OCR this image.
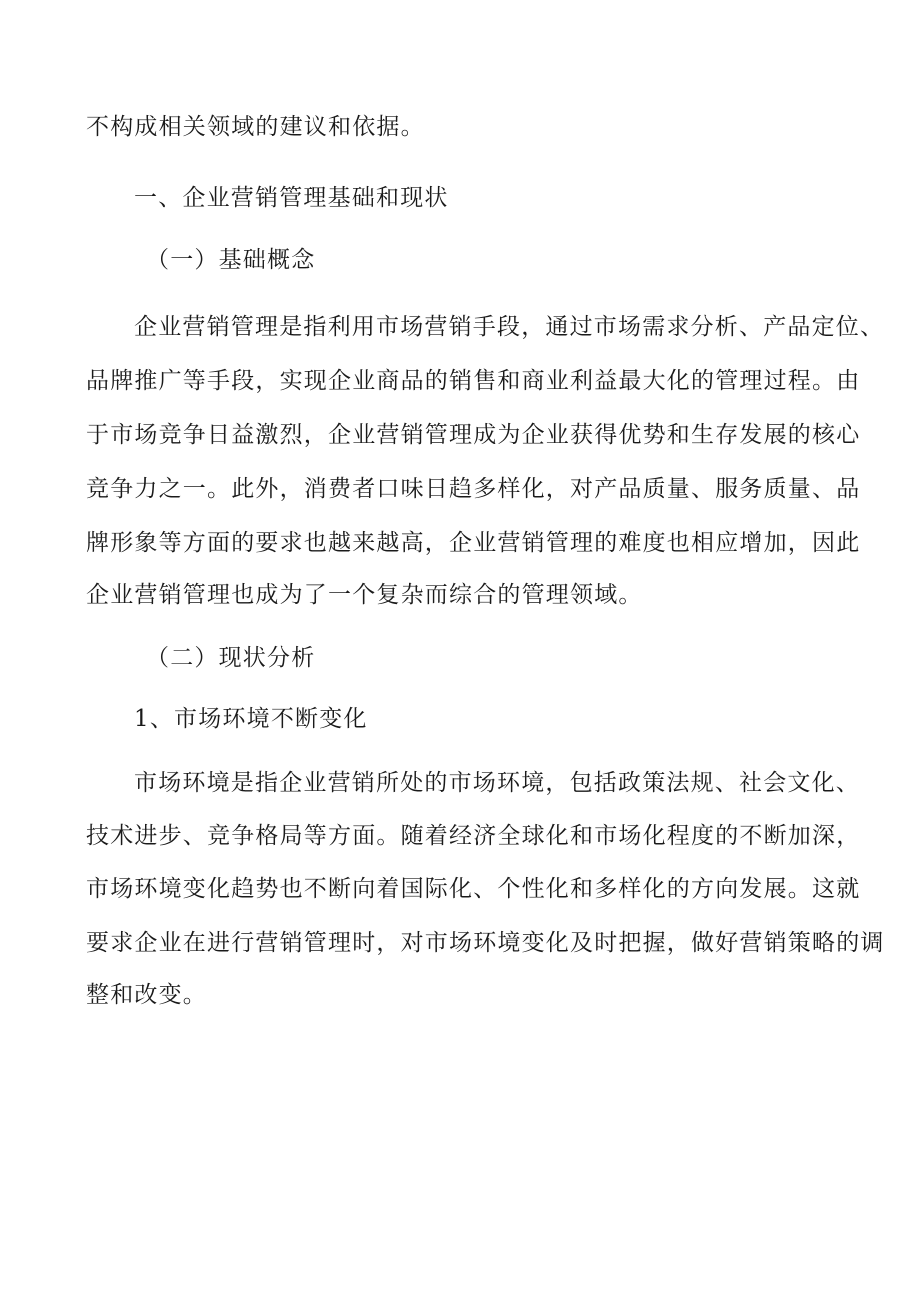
不构成相关领域的建议和依据。
一、企业营销管理基础和现状
（一）基础概念
企业营销管理是指利用市场营销手段，通过市场需求分析、产品定位、
品牌推广等手段，实现企业商品的销售和商业利益最大化的管理过程。由
于市场竞争日益激烈，企业营销管理成为企业获得优势和生存发展的核心
竞争力之一。此外，消费者口味日趋多样化，对产品质量、服务质量、品
牌形象等方面的要求也越来越高，企业营销管理的难度也相应增加，因此
企业营销管理也成为了一个复杂而综合的管理领域。
（二）现状分析
1、市场环境不断变化
市场环境是指企业营销所处的市场环境，包括政策法规、社会文化、
技术进步、竞争格局等方面。随着经济全球化和市场化程度的不断加深，
市场环境变化趋势也不断向着国际化、个性化和多样化的方向发展。这就
要求企业在进行营销管理时，对市场环境变化及时把握，做好营销策略的调
整和改变。
